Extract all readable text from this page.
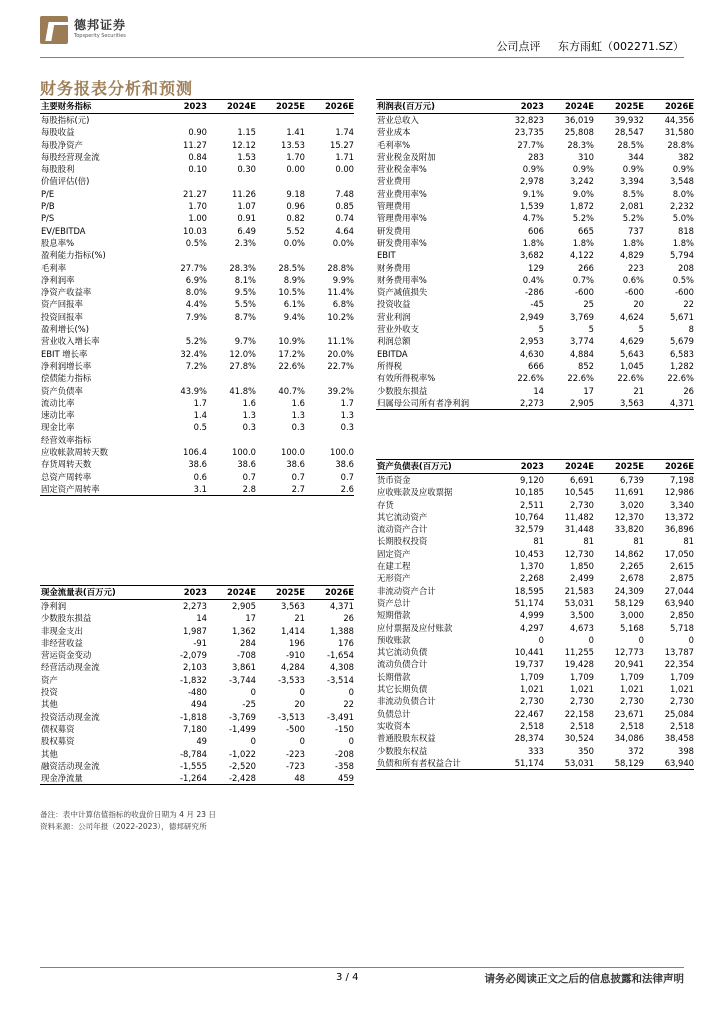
德邦证券
Topsperity Securities
公司点评 东方雨虹（002271.SZ）
财务报表分析和预测
主要财务指标	2023	2024E	2025E	2026E
每股指标(元)				
每股收益	0.90	1.15	1.41	1.74
每股净资产	11.27	12.12	13.53	15.27
每股经营现金流	0.84	1.53	1.70	1.71
每股股利	0.10	0.30	0.00	0.00
价值评估(倍)				
P/E	21.27	11.26	9.18	7.48
P/B	1.70	1.07	0.96	0.85
P/S	1.00	0.91	0.82	0.74
EV/EBITDA	10.03	6.49	5.52	4.64
股息率%	0.5%	2.3%	0.0%	0.0%
盈利能力指标(%)				
毛利率	27.7%	28.3%	28.5%	28.8%
净利润率	6.9%	8.1%	8.9%	9.9%
净资产收益率	8.0%	9.5%	10.5%	11.4%
资产回报率	4.4%	5.5%	6.1%	6.8%
投资回报率	7.9%	8.7%	9.4%	10.2%
盈利增长(%)				
营业收入增长率	5.2%	9.7%	10.9%	11.1%
EBIT 增长率	32.4%	12.0%	17.2%	20.0%
净利润增长率	7.2%	27.8%	22.6%	22.7%
偿债能力指标				
资产负债率	43.9%	41.8%	40.7%	39.2%
流动比率	1.7	1.6	1.6	1.7
速动比率	1.4	1.3	1.3	1.3
现金比率	0.5	0.3	0.3	0.3
经营效率指标				
应收帐款周转天数	106.4	100.0	100.0	100.0
存货周转天数	38.6	38.6	38.6	38.6
总资产周转率	0.6	0.7	0.7	0.7
固定资产周转率	3.1	2.8	2.7	2.6
利润表(百万元)	2023	2024E	2025E	2026E
营业总收入	32,823	36,019	39,932	44,356
营业成本	23,735	25,808	28,547	31,580
毛利率%	27.7%	28.3%	28.5%	28.8%
营业税金及附加	283	310	344	382
营业税金率%	0.9%	0.9%	0.9%	0.9%
营业费用	2,978	3,242	3,394	3,548
营业费用率%	9.1%	9.0%	8.5%	8.0%
管理费用	1,539	1,872	2,081	2,232
管理费用率%	4.7%	5.2%	5.2%	5.0%
研发费用	606	665	737	818
研发费用率%	1.8%	1.8%	1.8%	1.8%
EBIT	3,682	4,122	4,829	5,794
财务费用	129	266	223	208
财务费用率%	0.4%	0.7%	0.6%	0.5%
资产减值损失	-286	-600	-600	-600
投资收益	-45	25	20	22
营业利润	2,949	3,769	4,624	5,671
营业外收支	5	5	5	8
利润总额	2,953	3,774	4,629	5,679
EBITDA	4,630	4,884	5,643	6,583
所得税	666	852	1,045	1,282
有效所得税率%	22.6%	22.6%	22.6%	22.6%
少数股东损益	14	17	21	26
归属母公司所有者净利润	2,273	2,905	3,563	4,371
资产负债表(百万元)	2023	2024E	2025E	2026E
货币资金	9,120	6,691	6,739	7,198
应收账款及应收票据	10,185	10,545	11,691	12,986
存货	2,511	2,730	3,020	3,340
其它流动资产	10,764	11,482	12,370	13,372
流动资产合计	32,579	31,448	33,820	36,896
长期股权投资	81	81	81	81
固定资产	10,453	12,730	14,862	17,050
在建工程	1,370	1,850	2,265	2,615
无形资产	2,268	2,499	2,678	2,875
非流动资产合计	18,595	21,583	24,309	27,044
资产总计	51,174	53,031	58,129	63,940
短期借款	4,999	3,500	3,000	2,850
应付票据及应付账款	4,297	4,673	5,168	5,718
预收账款	0	0	0	0
其它流动负债	10,441	11,255	12,773	13,787
流动负债合计	19,737	19,428	20,941	22,354
长期借款	1,709	1,709	1,709	1,709
其它长期负债	1,021	1,021	1,021	1,021
非流动负债合计	2,730	2,730	2,730	2,730
负债总计	22,467	22,158	23,671	25,084
实收资本	2,518	2,518	2,518	2,518
普通股股东权益	28,374	30,524	34,086	38,458
少数股东权益	333	350	372	398
负债和所有者权益合计	51,174	53,031	58,129	63,940
现金流量表(百万元)	2023	2024E	2025E	2026E
净利润	2,273	2,905	3,563	4,371
少数股东损益	14	17	21	26
非现金支出	1,987	1,362	1,414	1,388
非经营收益	-91	284	196	176
营运资金变动	-2,079	-708	-910	-1,654
经营活动现金流	2,103	3,861	4,284	4,308
资产	-1,832	-3,744	-3,533	-3,514
投资	-480	0	0	0
其他	494	-25	20	22
投资活动现金流	-1,818	-3,769	-3,513	-3,491
债权募资	7,180	-1,499	-500	-150
股权募资	49	0	0	0
其他	-8,784	-1,022	-223	-208
融资活动现金流	-1,555	-2,520	-723	-358
现金净流量	-1,264	-2,428	48	459
备注：表中计算估值指标的收盘价日期为 4 月 23 日
资料来源：公司年报（2022-2023），德邦研究所
3 / 4	请务必阅读正文之后的信息披露和法律声明
